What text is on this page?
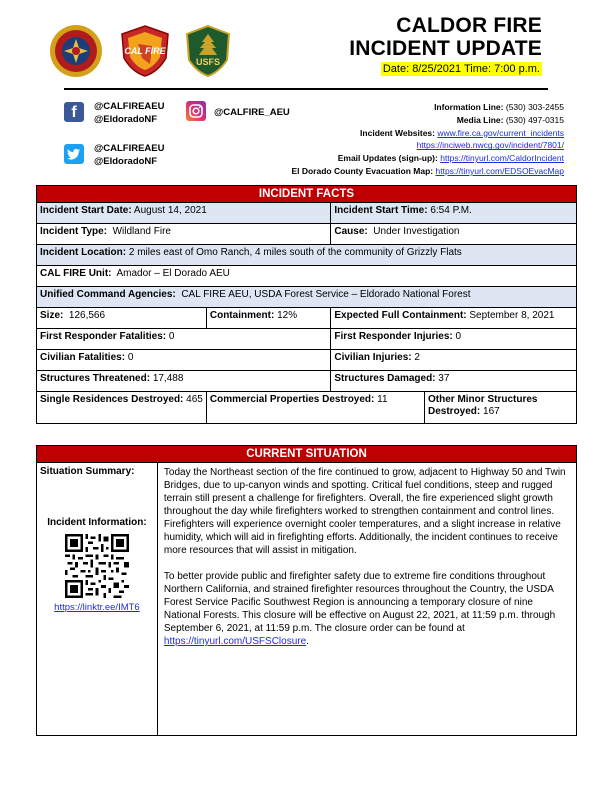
CAL FIRE
USFS
CALDOR FIRE
INCIDENT UPDATE
Date: 8/25/2021 Time: 7:00 p.m.
f	@CALFIREAEU
@EldoradoNF
@CALFIRE_AEU
@CALFIREAEU
@EldoradoNF
Information Line: (530) 303-2455
Media Line: (530) 497-0315
Incident Websites: www.fire.ca.gov/current_incidents
https://inciweb.nwcg.gov/incident/7801/
Email Updates (sign-up): https://tinyurl.com/CaldorIncident
El Dorado County Evacuation Map: https://tinyurl.com/EDSOEvacMap
INCIDENT FACTS			
Incident Start Date: August 14, 2021		Incident Start Time: 6:54 P.M.	
Incident Type: Wildland Fire		Cause: Under Investigation	
Incident Location: 2 miles east of Omo Ranch, 4 miles south of the community of Grizzly Flats			
CAL FIRE Unit: Amador – El Dorado AEU			
Unified Command Agencies: CAL FIRE AEU, USDA Forest Service – Eldorado National Forest			
Size: 126,566	Containment: 12%	Expected Full Containment: September 8, 2021	
First Responder Fatalities: 0		First Responder Injuries: 0	
Civilian Fatalities: 0		Civilian Injuries: 2	
Structures Threatened: 17,488		Structures Damaged: 37	
Single Residences Destroyed: 465	Commercial Properties Destroyed: 11		Other Minor Structures Destroyed: 167
CURRENT SITUATION

Situation Summary:
Incident Information:
https://linktr.ee/IMT6

Today the Northeast section of the fire continued to grow, adjacent to Highway 50 and Twin Bridges, due to up-canyon winds and spotting. Critical fuel conditions, steep and rugged terrain still present a challenge for firefighters. Overall, the fire experienced slight growth throughout the day while firefighters worked to strengthen containment and control lines. Firefighters will experience overnight cooler temperatures, and a slight increase in relative humidity, which will aid in firefighting efforts. Additionally, the incident continues to receive more resources that will assist in mitigation.

To better provide public and firefighter safety due to extreme fire conditions throughout Northern California, and strained firefighter resources throughout the Country, the USDA Forest Service Pacific Southwest Region is announcing a temporary closure of nine National Forests. This closure will be effective on August 22, 2021, at 11:59 p.m. through September 6, 2021, at 11:59 p.m. The closure order can be found at https://tinyurl.com/USFSClosure.
